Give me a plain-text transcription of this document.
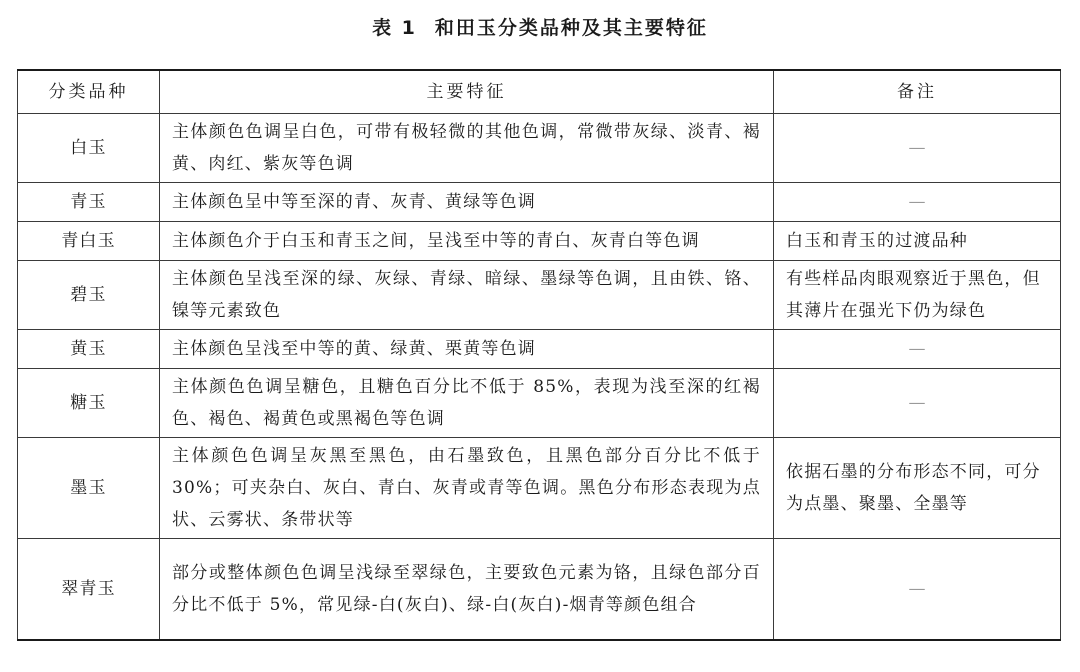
表 1 和田玉分类品种及其主要特征
分类品种	主要特征	备注
白玉	主体颜色色调呈白色，可带有极轻微的其他色调，常微带灰绿、淡青、褐黄、肉红、紫灰等色调	—
青玉	主体颜色呈中等至深的青、灰青、黄绿等色调	—
青白玉	主体颜色介于白玉和青玉之间，呈浅至中等的青白、灰青白等色调	白玉和青玉的过渡品种
碧玉	主体颜色呈浅至深的绿、灰绿、青绿、暗绿、墨绿等色调，且由铁、铬、镍等元素致色	有些样品肉眼观察近于黑色，但其薄片在强光下仍为绿色
黄玉	主体颜色呈浅至中等的黄、绿黄、栗黄等色调	—
糖玉	主体颜色色调呈糖色，且糖色百分比不低于 85%，表现为浅至深的红褐色、褐色、褐黄色或黑褐色等色调	—
墨玉	主体颜色色调呈灰黑至黑色，由石墨致色，且黑色部分百分比不低于 30%；可夹杂白、灰白、青白、灰青或青等色调。黑色分布形态表现为点状、云雾状、条带状等	依据石墨的分布形态不同，可分为点墨、聚墨、全墨等
翠青玉	部分或整体颜色色调呈浅绿至翠绿色，主要致色元素为铬，且绿色部分百分比不低于 5%，常见绿-白(灰白)、绿-白(灰白)-烟青等颜色组合	—
